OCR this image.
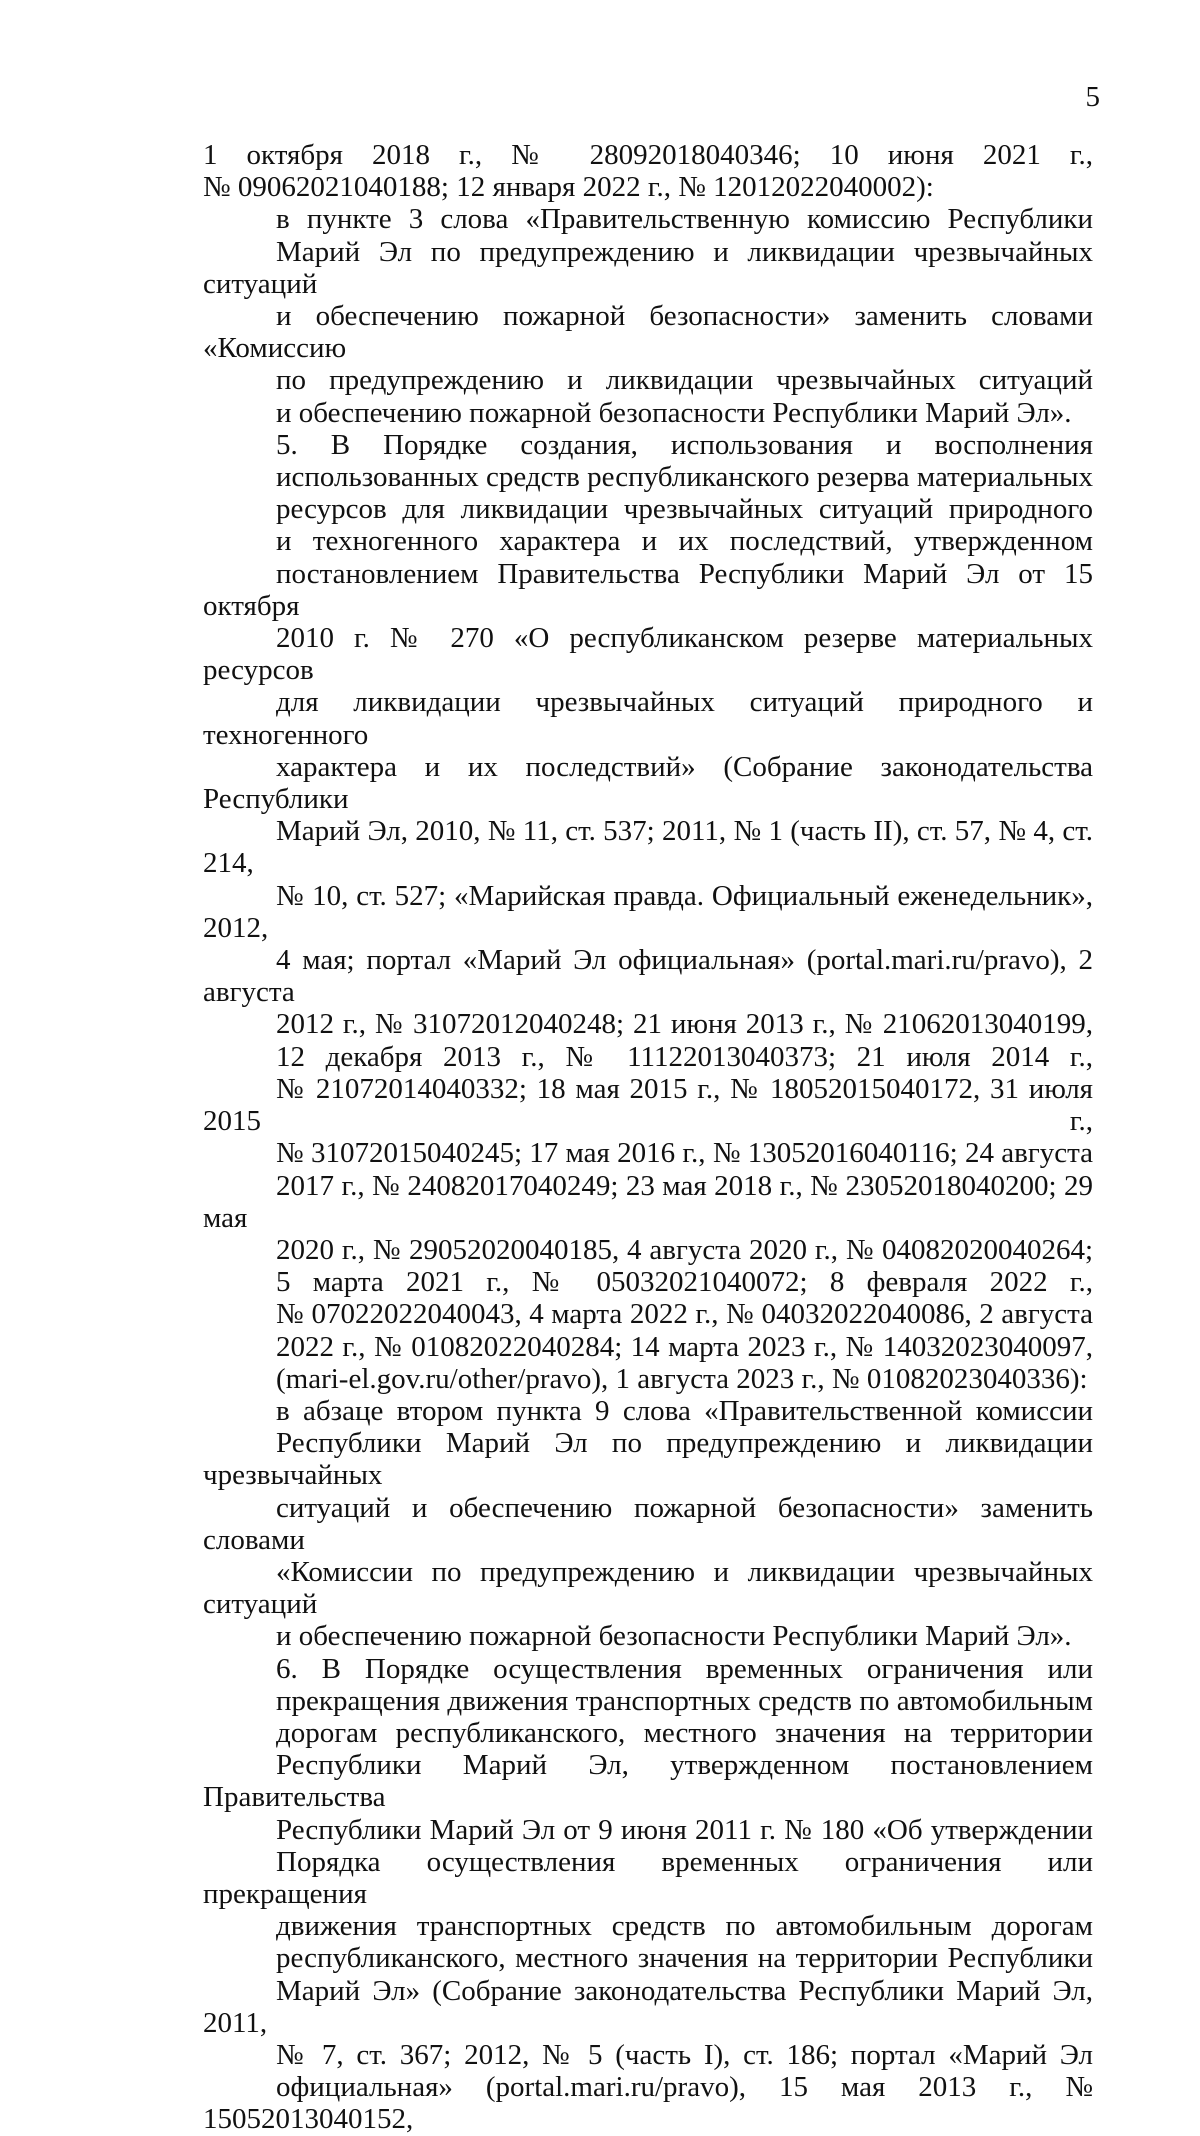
5

1 октября 2018 г., № 28092018040346; 10 июня 2021 г.,
№ 09062021040188; 12 января 2022 г., № 12012022040002):

в пункте 3 слова «Правительственную комиссию Республики
Марий Эл по предупреждению и ликвидации чрезвычайных ситуаций
и обеспечению пожарной безопасности» заменить словами «Комиссию
по предупреждению и ликвидации чрезвычайных ситуаций
и обеспечению пожарной безопасности Республики Марий Эл».

5. В Порядке создания, использования и восполнения
использованных средств республиканского резерва материальных
ресурсов для ликвидации чрезвычайных ситуаций природного
и техногенного характера и их последствий, утвержденном
постановлением Правительства Республики Марий Эл от 15 октября
2010 г. № 270 «О республиканском резерве материальных ресурсов
для ликвидации чрезвычайных ситуаций природного и техногенного
характера и их последствий» (Собрание законодательства Республики
Марий Эл, 2010, № 11, ст. 537; 2011, № 1 (часть II), ст. 57, № 4, ст. 214,
№ 10, ст. 527; «Марийская правда. Официальный еженедельник», 2012,
4 мая; портал «Марий Эл официальная» (portal.mari.ru/pravo), 2 августа
2012 г., № 31072012040248; 21 июня 2013 г., № 21062013040199,
12 декабря 2013 г., № 11122013040373; 21 июля 2014 г.,
№ 21072014040332; 18 мая 2015 г., № 18052015040172, 31 июля 2015 г.,
№ 31072015040245; 17 мая 2016 г., № 13052016040116; 24 августа
2017 г., № 24082017040249; 23 мая 2018 г., № 23052018040200; 29 мая
2020 г., № 29052020040185, 4 августа 2020 г., № 04082020040264;
5 марта 2021 г., № 05032021040072; 8 февраля 2022 г.,
№ 07022022040043, 4 марта 2022 г., № 04032022040086, 2 августа
2022 г., № 01082022040284; 14 марта 2023 г., № 14032023040097,
(mari-el.gov.ru/other/pravo), 1 августа 2023 г., № 01082023040336):

в абзаце втором пункта 9 слова «Правительственной комиссии
Республики Марий Эл по предупреждению и ликвидации чрезвычайных
ситуаций и обеспечению пожарной безопасности» заменить словами
«Комиссии по предупреждению и ликвидации чрезвычайных ситуаций
и обеспечению пожарной безопасности Республики Марий Эл».

6. В Порядке осуществления временных ограничения или
прекращения движения транспортных средств по автомобильным
дорогам республиканского, местного значения на территории
Республики Марий Эл, утвержденном постановлением Правительства
Республики Марий Эл от 9 июня 2011 г. № 180 «Об утверждении
Порядка осуществления временных ограничения или прекращения
движения транспортных средств по автомобильным дорогам
республиканского, местного значения на территории Республики
Марий Эл» (Собрание законодательства Республики Марий Эл, 2011,
№ 7, ст. 367; 2012, № 5 (часть I), ст. 186; портал «Марий Эл
официальная» (portal.mari.ru/pravo), 15 мая 2013 г., № 15052013040152,
